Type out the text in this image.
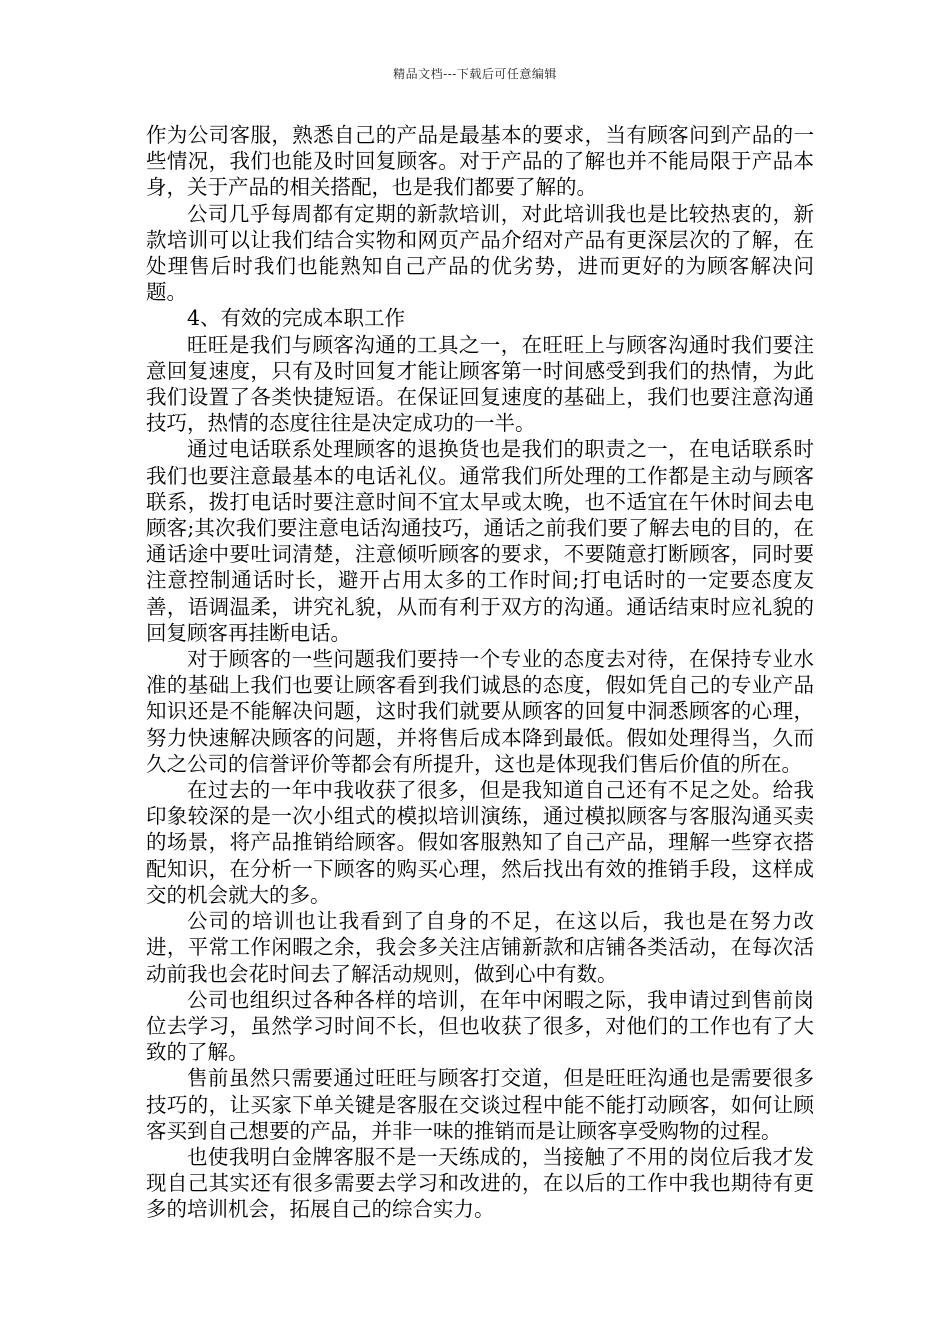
精品文档---下载后可任意编辑

作为公司客服，熟悉自己的产品是最基本的要求，当有顾客问到产品的一些情况，我们也能及时回复顾客。对于产品的了解也并不能局限于产品本身，关于产品的相关搭配，也是我们都要了解的。

公司几乎每周都有定期的新款培训，对此培训我也是比较热衷的，新款培训可以让我们结合实物和网页产品介绍对产品有更深层次的了解，在处理售后时我们也能熟知自己产品的优劣势，进而更好的为顾客解决问题。

4、有效的完成本职工作

旺旺是我们与顾客沟通的工具之一，在旺旺上与顾客沟通时我们要注意回复速度，只有及时回复才能让顾客第一时间感受到我们的热情，为此我们设置了各类快捷短语。在保证回复速度的基础上，我们也要注意沟通技巧，热情的态度往往是决定成功的一半。

通过电话联系处理顾客的退换货也是我们的职责之一，在电话联系时我们也要注意最基本的电话礼仪。通常我们所处理的工作都是主动与顾客联系，拨打电话时要注意时间不宜太早或太晚，也不适宜在午休时间去电顾客;其次我们要注意电话沟通技巧，通话之前我们要了解去电的目的，在通话途中要吐词清楚，注意倾听顾客的要求，不要随意打断顾客，同时要注意控制通话时长，避开占用太多的工作时间;打电话时的一定要态度友善，语调温柔，讲究礼貌，从而有利于双方的沟通。通话结束时应礼貌的回复顾客再挂断电话。

对于顾客的一些问题我们要持一个专业的态度去对待，在保持专业水准的基础上我们也要让顾客看到我们诚恳的态度，假如凭自己的专业产品知识还是不能解决问题，这时我们就要从顾客的回复中洞悉顾客的心理，努力快速解决顾客的问题，并将售后成本降到最低。假如处理得当，久而久之公司的信誉评价等都会有所提升，这也是体现我们售后价值的所在。

在过去的一年中我收获了很多，但是我知道自己还有不足之处。给我印象较深的是一次小组式的模拟培训演练，通过模拟顾客与客服沟通买卖的场景，将产品推销给顾客。假如客服熟知了自己产品，理解一些穿衣搭配知识，在分析一下顾客的购买心理，然后找出有效的推销手段，这样成交的机会就大的多。

公司的培训也让我看到了自身的不足，在这以后，我也是在努力改进，平常工作闲暇之余，我会多关注店铺新款和店铺各类活动，在每次活动前我也会花时间去了解活动规则，做到心中有数。

公司也组织过各种各样的培训，在年中闲暇之际，我申请过到售前岗位去学习，虽然学习时间不长，但也收获了很多，对他们的工作也有了大致的了解。

售前虽然只需要通过旺旺与顾客打交道，但是旺旺沟通也是需要很多技巧的，让买家下单关键是客服在交谈过程中能不能打动顾客，如何让顾客买到自己想要的产品，并非一味的推销而是让顾客享受购物的过程。

也使我明白金牌客服不是一天练成的，当接触了不用的岗位后我才发现自己其实还有很多需要去学习和改进的，在以后的工作中我也期待有更多的培训机会，拓展自己的综合实力。
